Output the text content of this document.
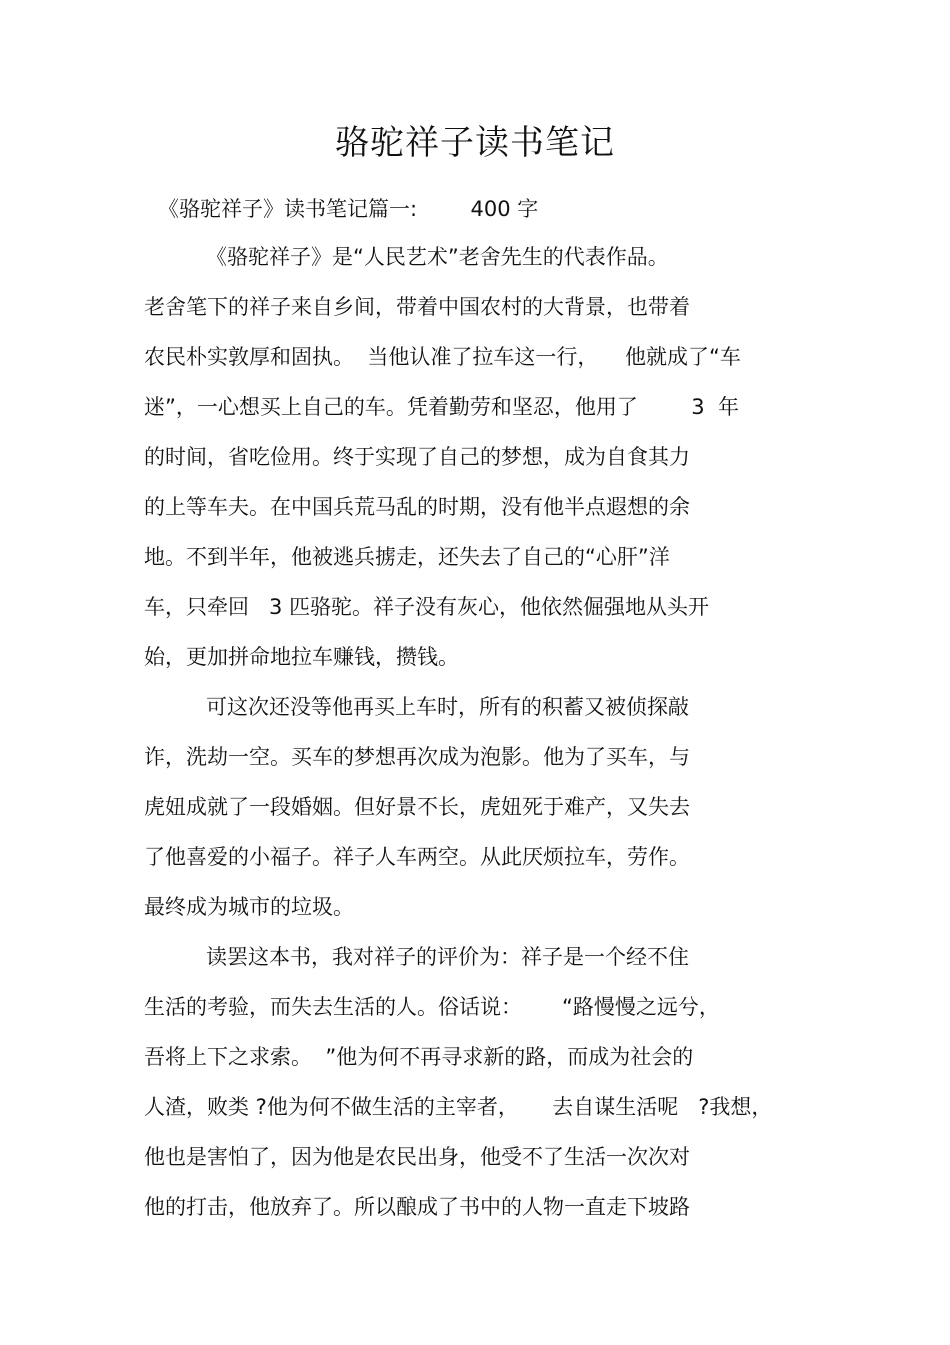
骆驼祥子读书笔记

《骆驼祥子》读书笔记篇一:        400 字

《骆驼祥子》是“人民艺术”老舍先生的代表作品。

老舍笔下的祥子来自乡间，带着中国农村的大背景，也带着

农民朴实敦厚和固执。  当他认准了拉车这一行，    他就成了“车

迷”，一心想买上自己的车。凭着勤劳和坚忍，他用了        3  年

的时间，省吃俭用。终于实现了自己的梦想，成为自食其力

的上等车夫。在中国兵荒马乱的时期，没有他半点遐想的余

地。不到半年，他被逃兵掳走，还失去了自己的“心肝”洋

车，只牵回   3 匹骆驼。祥子没有灰心，他依然倔强地从头开

始，更加拼命地拉车赚钱，攒钱。

可这次还没等他再买上车时，所有的积蓄又被侦探敲

诈，洗劫一空。买车的梦想再次成为泡影。他为了买车，与

虎妞成就了一段婚姻。但好景不长，虎妞死于难产，又失去

了他喜爱的小福子。祥子人车两空。从此厌烦拉车，劳作。

最终成为城市的垃圾。

读罢这本书，我对祥子的评价为：祥子是一个经不住

生活的考验，而失去生活的人。俗话说：      “路慢慢之远兮，

吾将上下之求索。  ”他为何不再寻求新的路，而成为社会的

人渣，败类 ?他为何不做生活的主宰者，     去自谋生活呢   ?我想，

他也是害怕了，因为他是农民出身，他受不了生活一次次对

他的打击，他放弃了。所以酿成了书中的人物一直走下坡路
